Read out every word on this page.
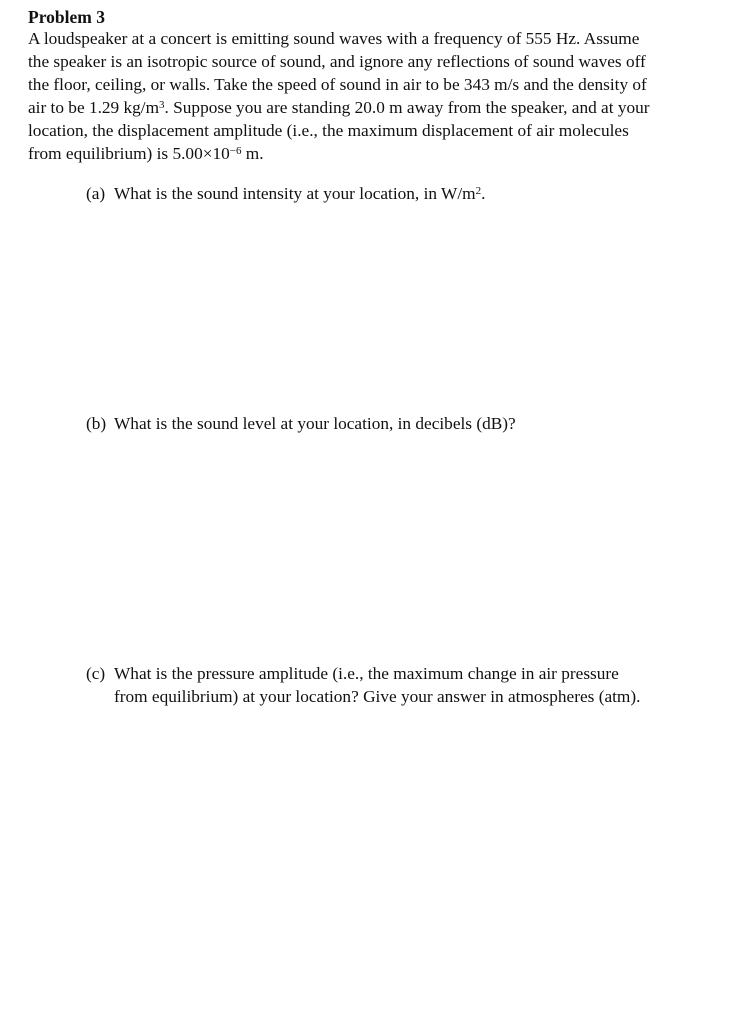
Problem 3
A loudspeaker at a concert is emitting sound waves with a frequency of 555 Hz. Assume
the speaker is an isotropic source of sound, and ignore any reflections of sound waves off
the floor, ceiling, or walls. Take the speed of sound in air to be 343 m/s and the density of
air to be 1.29 $kg/m^3$. Suppose you are standing 20.0 m away from the speaker, and at your
location, the displacement amplitude (i.e., the maximum displacement of air molecules
from equilibrium) is $5.00\times 10^{-6}$ m.
(a) What is the sound intensity at your location, in $W/m^2$.
(b) What is the sound level at your location, in decibels (dB)?
(c) What is the pressure amplitude (i.e., the maximum change in air pressure
from equilibrium) at your location? Give your answer in atmospheres (atm).
